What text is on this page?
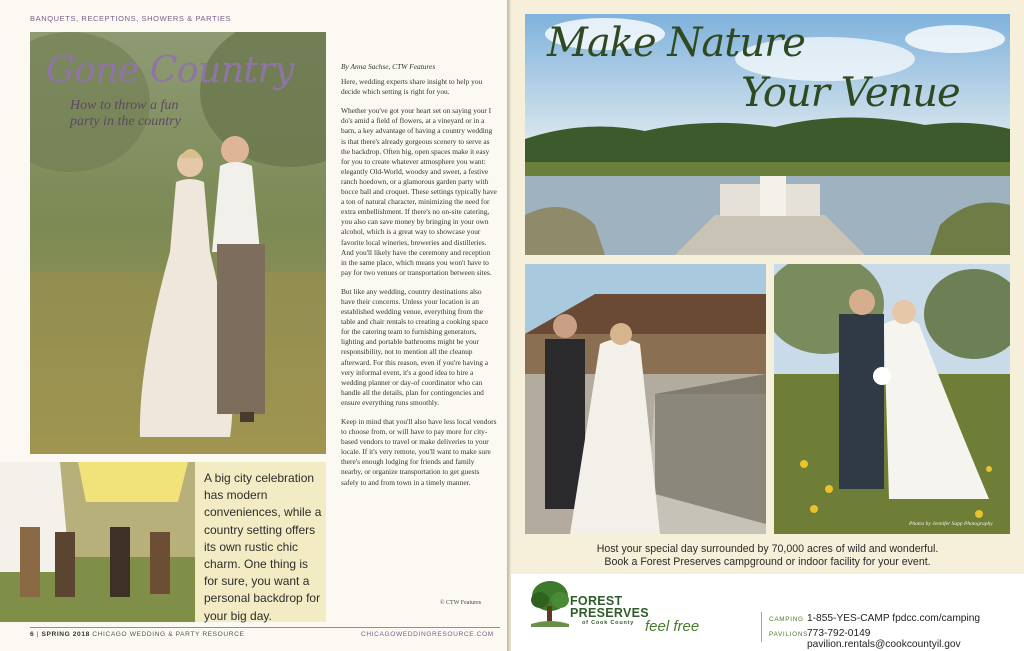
BANQUETS, RECEPTIONS, SHOWERS & PARTIES
Gone Country
How to throw a fun party in the country
A big city celebration has modern conveniences, while a country setting offers its own rustic chic charm. One thing is for sure, you want a personal backdrop for your big day.
By Anna Sachse, CTW Features

Here, wedding experts share insight to help you decide which setting is right for you.

Whether you've got your heart set on saying your I do's amid a field of flowers, at a vineyard or in a barn, a key advantage of having a country wedding is that there's already gorgeous scenery to serve as the backdrop. Often big, open spaces make it easy for you to create whatever atmosphere you want: elegantly Old-World, woodsy and sweet, a festive ranch hoedown, or a glamorous garden party with bocce ball and croquet. These settings typically have a ton of natural character, minimizing the need for extra embellishment. If there's no on-site catering, you also can save money by bringing in your own alcohol, which is a great way to showcase your favorite local wineries, breweries and distilleries. And you'll likely have the ceremony and reception in the same place, which means you won't have to pay for two venues or transportation between sites.

But like any wedding, country destinations also have their concerns. Unless your location is an established wedding venue, everything from the table and chair rentals to creating a cooking space for the catering team to furnishing generators, lighting and portable bathrooms might be your responsibility, not to mention all the cleanup afterward. For this reason, even if you're having a very informal event, it's a good idea to hire a wedding planner or day-of coordinator who can handle all the details, plan for contingencies and ensure everything runs smoothly.

Keep in mind that you'll also have less local vendors to choose from, or will have to pay more for city-based vendors to travel or make deliveries to your locale. If it's very remote, you'll want to make sure there's enough lodging for friends and family nearby, or organize transportation to get guests safely to and from town in a timely manner.

© CTW Features
6 | SPRING 2018 CHICAGO WEDDING & PARTY RESOURCE	CHICAGOWEDDINGRESOURCE.COM
Make Nature
Your Venue
Photos by Jennifer Sapp Photography
Host your special day surrounded by 70,000 acres of wild and wonderful.
Book a Forest Preserves campground or indoor facility for your event.
FOREST
PRESERVES
of Cook County feel free	CAMPING 1-855-YES-CAMP fpdcc.com/camping
PAVILIONS
773-792-0149 pavilion.rentals@cookcountyil.gov
